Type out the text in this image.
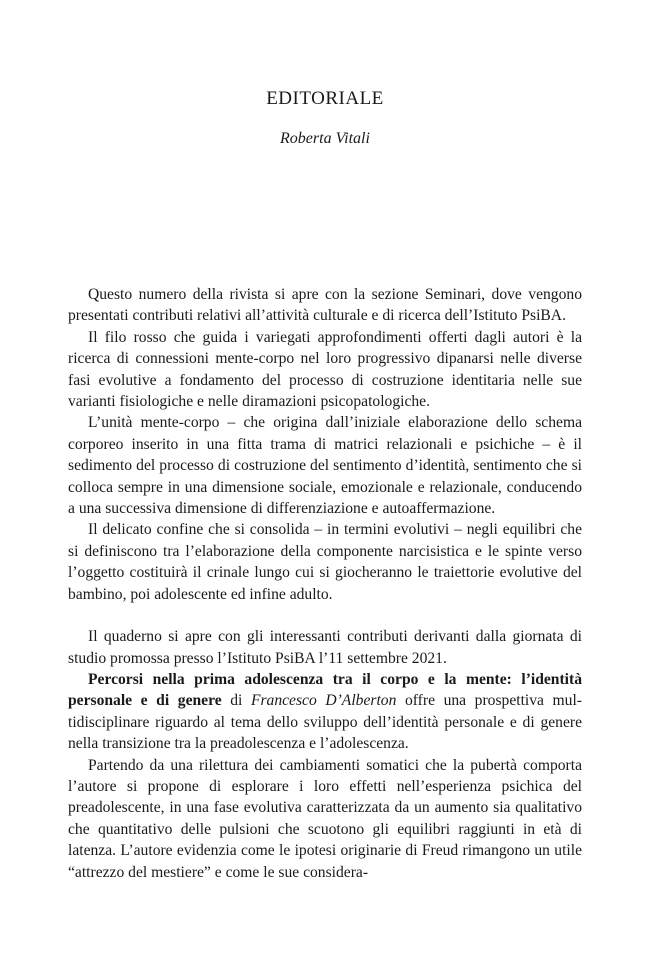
EDITORIALE
Roberta Vitali

Questo numero della rivista si apre con la sezione Seminari, dove vengono presentati contributi relativi all’attività culturale e di ricerca dell’Istituto PsiBA.

Il filo rosso che guida i variegati approfondimenti offerti dagli autori è la ricerca di connessioni mente-corpo nel loro progressivo dipanarsi nelle diverse fasi evolutive a fondamento del processo di costruzione identitaria nelle sue varianti fisiologiche e nelle diramazioni psicopatologiche.

L’unità mente-corpo – che origina dall’iniziale elaborazione dello schema corporeo inserito in una fitta trama di matrici relazionali e psichiche – è il sedimento del processo di costruzione del sentimento d’identità, sentimento che si colloca sempre in una dimensione sociale, emozionale e relazionale, conducendo a una successiva dimensione di differenziazione e autoaffermazione.

Il delicato confine che si consolida – in termini evolutivi – negli equilibri che si definiscono tra l’elaborazione della componente narcisistica e le spinte verso l’oggetto costituirà il crinale lungo cui si giocheranno le traiettorie evolutive del bambino, poi adolescente ed infine adulto.

Il quaderno si apre con gli interessanti contributi derivanti dalla giornata di studio promossa presso l’Istituto PsiBA l’11 settembre 2021.

Percorsi nella prima adolescenza tra il corpo e la mente: l’identità personale e di genere di Francesco D’Alberton offre una prospettiva multidisciplinare riguardo al tema dello sviluppo dell’identità personale e di genere nella transizione tra la preadolescenza e l’adolescenza.

Partendo da una rilettura dei cambiamenti somatici che la pubertà comporta l’autore si propone di esplorare i loro effetti nell’esperienza psichica del preadolescente, in una fase evolutiva caratterizzata da un aumento sia qualitativo che quantitativo delle pulsioni che scuotono gli equilibri raggiunti in età di latenza. L’autore evidenzia come le ipotesi originarie di Freud rimangono un utile “attrezzo del mestiere” e come le sue considera-
